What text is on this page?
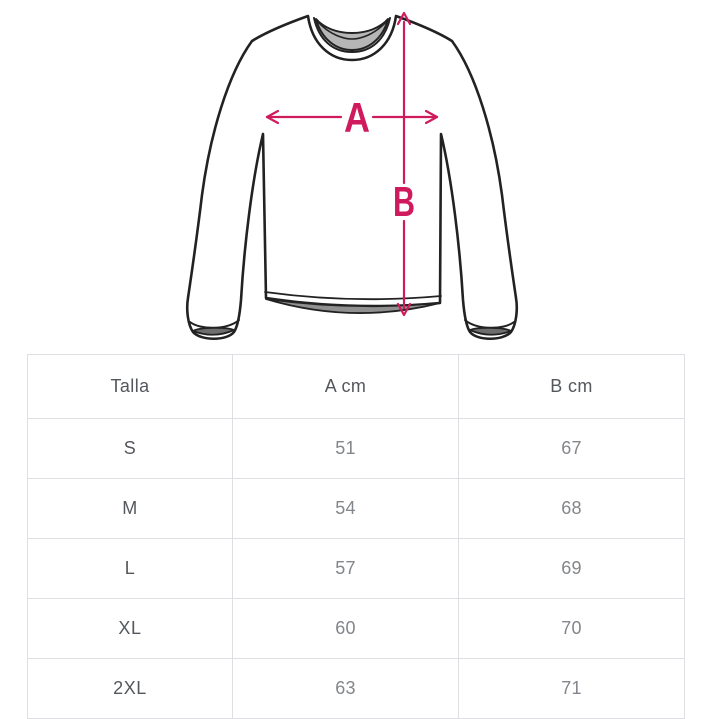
A
B
Talla	A cm	B cm
S	51	67
M	54	68
L	57	69
XL	60	70
2XL	63	71
